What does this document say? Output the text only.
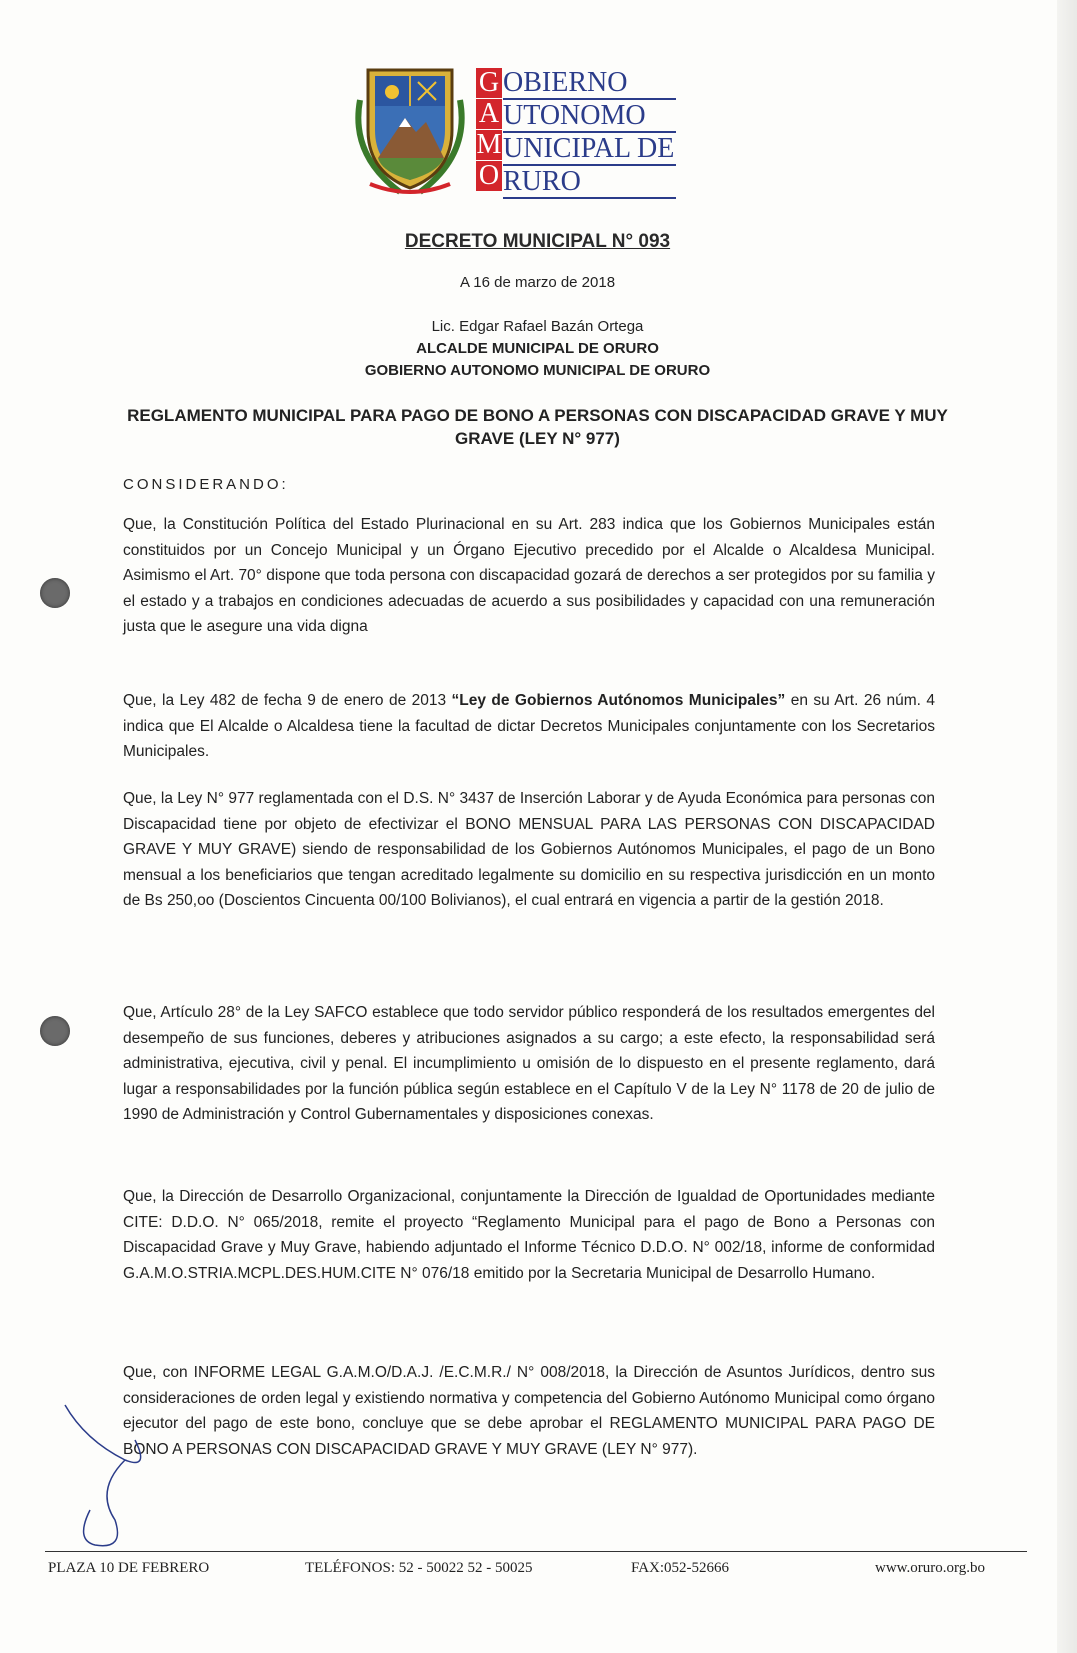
G
A
M
O
OBIERNO
UTONOMO
UNICIPAL DE
RURO
DECRETO MUNICIPAL N° 093
A 16 de marzo de 2018
Lic. Edgar Rafael Bazán Ortega
ALCALDE MUNICIPAL DE ORURO
GOBIERNO AUTONOMO MUNICIPAL DE ORURO
REGLAMENTO MUNICIPAL PARA PAGO DE BONO A PERSONAS CON DISCAPACIDAD GRAVE Y MUY GRAVE (LEY N° 977)
CONSIDERANDO:
Que, la Constitución Política del Estado Plurinacional en su Art. 283 indica que los Gobiernos Municipales están constituidos por un Concejo Municipal y un Órgano Ejecutivo precedido por el Alcalde o Alcaldesa Municipal. Asimismo el Art. 70° dispone que toda persona con discapacidad gozará de derechos a ser protegidos por su familia y el estado y a trabajos en condiciones adecuadas de acuerdo a sus posibilidades y capacidad con una remuneración justa que le asegure una vida digna
Que, la Ley 482 de fecha 9 de enero de 2013 “Ley de Gobiernos Autónomos Municipales” en su Art. 26 núm. 4 indica que El Alcalde o Alcaldesa tiene la facultad de dictar Decretos Municipales conjuntamente con los Secretarios Municipales.
Que, la Ley N° 977 reglamentada con el D.S. N° 3437 de Inserción Laborar y de Ayuda Económica para personas con Discapacidad tiene por objeto de efectivizar el BONO MENSUAL PARA LAS PERSONAS CON DISCAPACIDAD GRAVE Y MUY GRAVE) siendo de responsabilidad de los Gobiernos Autónomos Municipales, el pago de un Bono mensual a los beneficiarios que tengan acreditado legalmente su domicilio en su respectiva jurisdicción en un monto de Bs 250,oo (Doscientos Cincuenta 00/100 Bolivianos), el cual entrará en vigencia a partir de la gestión 2018.
Que, Artículo 28° de la Ley SAFCO establece que todo servidor público responderá de los resultados emergentes del desempeño de sus funciones, deberes y atribuciones asignados a su cargo; a este efecto, la responsabilidad será administrativa, ejecutiva, civil y penal. El incumplimiento u omisión de lo dispuesto en el presente reglamento, dará lugar a responsabilidades por la función pública según establece en el Capítulo V de la Ley N° 1178 de 20 de julio de 1990 de Administración y Control Gubernamentales y disposiciones conexas.
Que, la Dirección de Desarrollo Organizacional, conjuntamente la Dirección de Igualdad de Oportunidades mediante CITE: D.D.O. N° 065/2018, remite el proyecto “Reglamento Municipal para el pago de Bono a Personas con Discapacidad Grave y Muy Grave, habiendo adjuntado el Informe Técnico D.D.O. N° 002/18, informe de conformidad G.A.M.O.STRIA.MCPL.DES.HUM.CITE N° 076/18 emitido por la Secretaria Municipal de Desarrollo Humano.
Que, con INFORME LEGAL G.A.M.O/D.A.J. /E.C.M.R./ N° 008/2018, la Dirección de Asuntos Jurídicos, dentro sus consideraciones de orden legal y existiendo normativa y competencia del Gobierno Autónomo Municipal como órgano ejecutor del pago de este bono, concluye que se debe aprobar el REGLAMENTO MUNICIPAL PARA PAGO DE BONO A PERSONAS CON DISCAPACIDAD GRAVE Y MUY GRAVE (LEY N° 977).
PLAZA 10 DE FEBRERO	TELÉFONOS: 52 - 50022 52 - 50025	FAX:052-52666	www.oruro.org.bo
